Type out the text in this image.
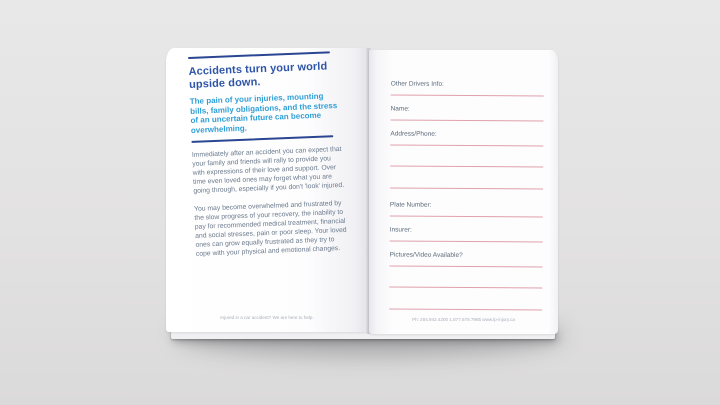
Accidents turn your world upside down.
The pain of your injuries, mounting bills, family obligations, and the stress of an uncertain future can become overwhelming.
Immediately after an accident you can expect that your family and friends will rally to provide you with expressions of their love and support. Over time even loved ones may forget what you are going through, especially if you don't 'look' injured.
You may become overwhelmed and frustrated by the slow progress of your recovery, the inability to pay for recommended medical treatment, financial and social stresses, pain or poor sleep. Your loved ones can grow equally frustrated as they try to cope with your physical and emotional changes.
Injured in a car accident? We are here to help.
Other Drivers Info:
Name:
Address/Phone:
Plate Number:
Insurer:
Pictures/Video Available?
Ph: 204.942.4200 1.877.678.7985 www.lp-injury.ca
